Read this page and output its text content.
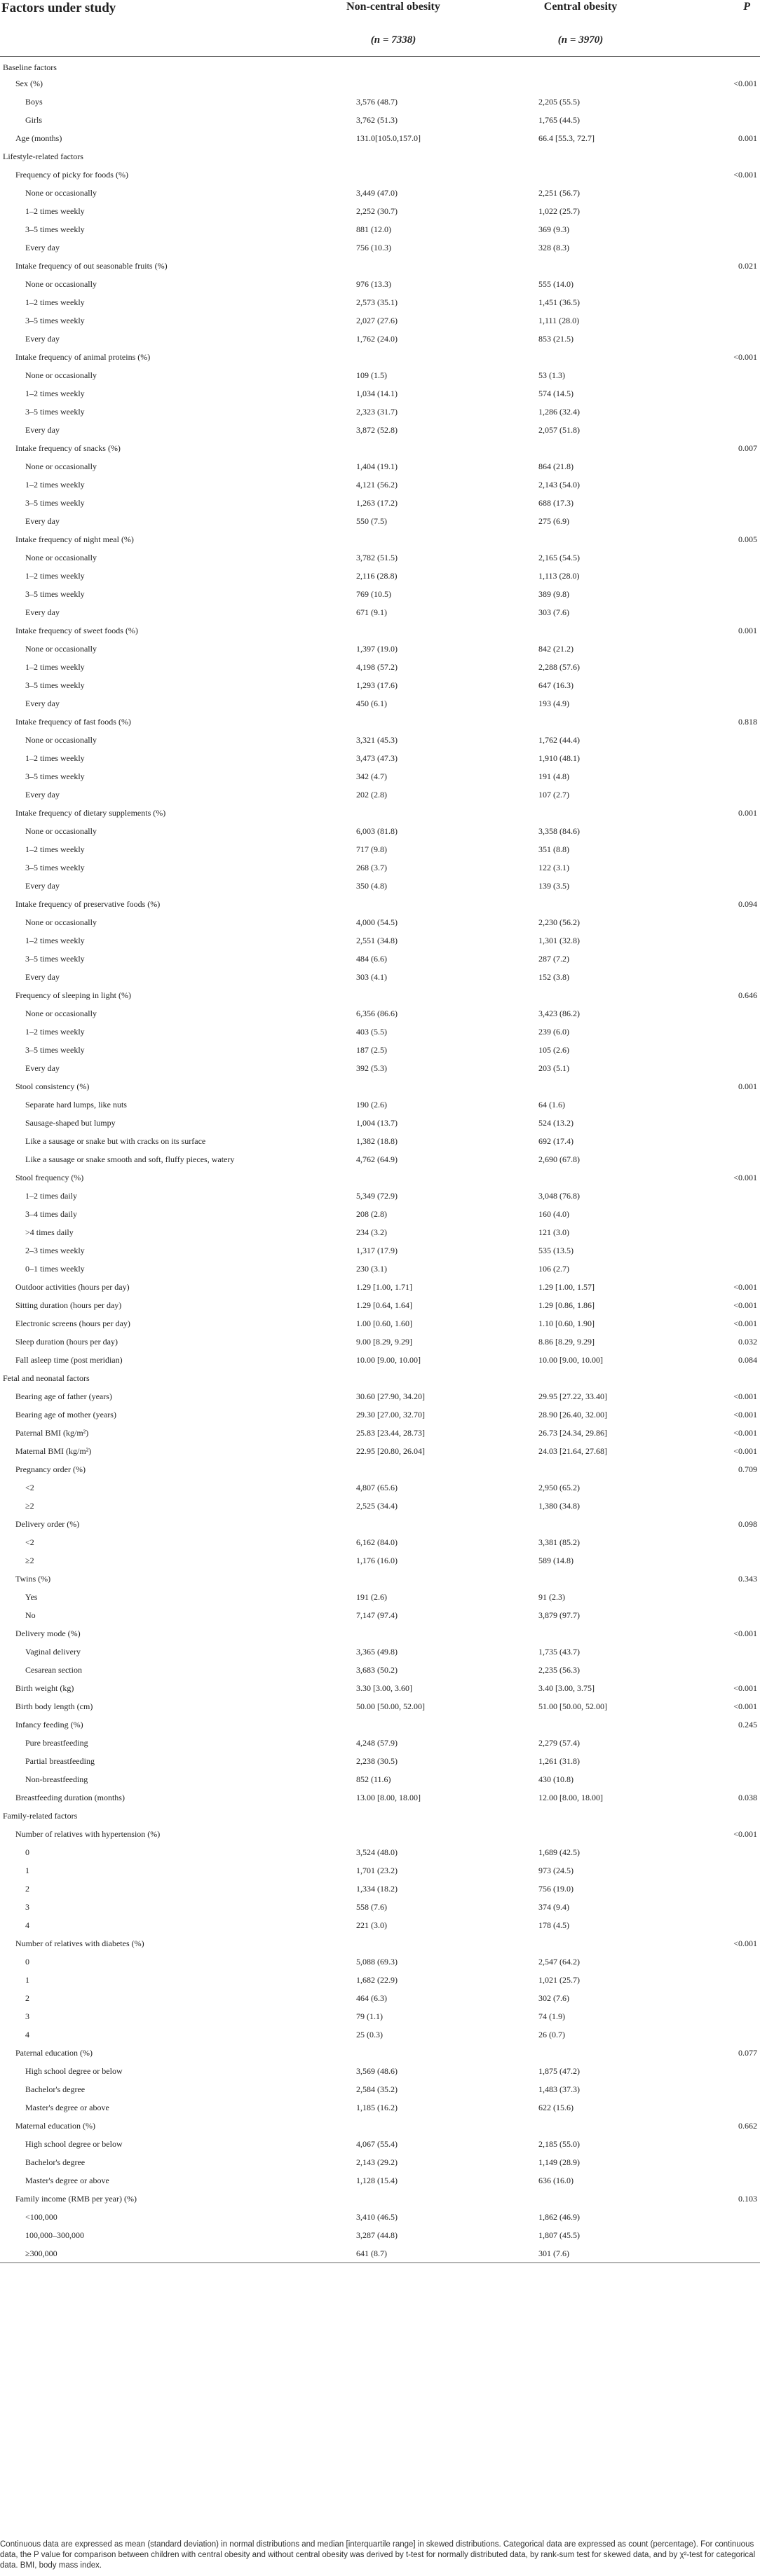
Factors under study	Non-central obesity	Central obesity	P
	(n = 7338)	(n = 3970)	
Baseline factors			
Sex (%)			<0.001
Boys	3,576 (48.7)	2,205 (55.5)	
Girls	3,762 (51.3)	1,765 (44.5)	
Age (months)	131.0[105.0,157.0]	66.4 [55.3, 72.7]	0.001
Lifestyle-related factors			
Frequency of picky for foods (%)			<0.001
None or occasionally	3,449 (47.0)	2,251 (56.7)	
1–2 times weekly	2,252 (30.7)	1,022 (25.7)	
3–5 times weekly	881 (12.0)	369 (9.3)	
Every day	756 (10.3)	328 (8.3)	
Intake frequency of out seasonable fruits (%)			0.021
None or occasionally	976 (13.3)	555 (14.0)	
1–2 times weekly	2,573 (35.1)	1,451 (36.5)	
3–5 times weekly	2,027 (27.6)	1,111 (28.0)	
Every day	1,762 (24.0)	853 (21.5)	
Intake frequency of animal proteins (%)			<0.001
None or occasionally	109 (1.5)	53 (1.3)	
1–2 times weekly	1,034 (14.1)	574 (14.5)	
3–5 times weekly	2,323 (31.7)	1,286 (32.4)	
Every day	3,872 (52.8)	2,057 (51.8)	
Intake frequency of snacks (%)			0.007
None or occasionally	1,404 (19.1)	864 (21.8)	
1–2 times weekly	4,121 (56.2)	2,143 (54.0)	
3–5 times weekly	1,263 (17.2)	688 (17.3)	
Every day	550 (7.5)	275 (6.9)	
Intake frequency of night meal (%)			0.005
None or occasionally	3,782 (51.5)	2,165 (54.5)	
1–2 times weekly	2,116 (28.8)	1,113 (28.0)	
3–5 times weekly	769 (10.5)	389 (9.8)	
Every day	671 (9.1)	303 (7.6)	
Intake frequency of sweet foods (%)			0.001
None or occasionally	1,397 (19.0)	842 (21.2)	
1–2 times weekly	4,198 (57.2)	2,288 (57.6)	
3–5 times weekly	1,293 (17.6)	647 (16.3)	
Every day	450 (6.1)	193 (4.9)	
Intake frequency of fast foods (%)			0.818
None or occasionally	3,321 (45.3)	1,762 (44.4)	
1–2 times weekly	3,473 (47.3)	1,910 (48.1)	
3–5 times weekly	342 (4.7)	191 (4.8)	
Every day	202 (2.8)	107 (2.7)	
Intake frequency of dietary supplements (%)			0.001
None or occasionally	6,003 (81.8)	3,358 (84.6)	
1–2 times weekly	717 (9.8)	351 (8.8)	
3–5 times weekly	268 (3.7)	122 (3.1)	
Every day	350 (4.8)	139 (3.5)	
Intake frequency of preservative foods (%)			0.094
None or occasionally	4,000 (54.5)	2,230 (56.2)	
1–2 times weekly	2,551 (34.8)	1,301 (32.8)	
3–5 times weekly	484 (6.6)	287 (7.2)	
Every day	303 (4.1)	152 (3.8)	
Frequency of sleeping in light (%)			0.646
None or occasionally	6,356 (86.6)	3,423 (86.2)	
1–2 times weekly	403 (5.5)	239 (6.0)	
3–5 times weekly	187 (2.5)	105 (2.6)	
Every day	392 (5.3)	203 (5.1)	
Stool consistency (%)			0.001
Separate hard lumps, like nuts	190 (2.6)	64 (1.6)	
Sausage-shaped but lumpy	1,004 (13.7)	524 (13.2)	
Like a sausage or snake but with cracks on its surface	1,382 (18.8)	692 (17.4)	
Like a sausage or snake smooth and soft, fluffy pieces, watery	4,762 (64.9)	2,690 (67.8)	
Stool frequency (%)			<0.001
1–2 times daily	5,349 (72.9)	3,048 (76.8)	
3–4 times daily	208 (2.8)	160 (4.0)	
>4 times daily	234 (3.2)	121 (3.0)	
2–3 times weekly	1,317 (17.9)	535 (13.5)	
0–1 times weekly	230 (3.1)	106 (2.7)	
Outdoor activities (hours per day)	1.29 [1.00, 1.71]	1.29 [1.00, 1.57]	<0.001
Sitting duration (hours per day)	1.29 [0.64, 1.64]	1.29 [0.86, 1.86]	<0.001
Electronic screens (hours per day)	1.00 [0.60, 1.60]	1.10 [0.60, 1.90]	<0.001
Sleep duration (hours per day)	9.00 [8.29, 9.29]	8.86 [8.29, 9.29]	0.032
Fall asleep time (post meridian)	10.00 [9.00, 10.00]	10.00 [9.00, 10.00]	0.084
Fetal and neonatal factors			
Bearing age of father (years)	30.60 [27.90, 34.20]	29.95 [27.22, 33.40]	<0.001
Bearing age of mother (years)	29.30 [27.00, 32.70]	28.90 [26.40, 32.00]	<0.001
Paternal BMI (kg/m²)	25.83 [23.44, 28.73]	26.73 [24.34, 29.86]	<0.001
Maternal BMI (kg/m²)	22.95 [20.80, 26.04]	24.03 [21.64, 27.68]	<0.001
Pregnancy order (%)			0.709
<2	4,807 (65.6)	2,950 (65.2)	
≥2	2,525 (34.4)	1,380 (34.8)	
Delivery order (%)			0.098
<2	6,162 (84.0)	3,381 (85.2)	
≥2	1,176 (16.0)	589 (14.8)	
Twins (%)			0.343
Yes	191 (2.6)	91 (2.3)	
No	7,147 (97.4)	3,879 (97.7)	
Delivery mode (%)			<0.001
Vaginal delivery	3,365 (49.8)	1,735 (43.7)	
Cesarean section	3,683 (50.2)	2,235 (56.3)	
Birth weight (kg)	3.30 [3.00, 3.60]	3.40 [3.00, 3.75]	<0.001
Birth body length (cm)	50.00 [50.00, 52.00]	51.00 [50.00, 52.00]	<0.001
Infancy feeding (%)			0.245
Pure breastfeeding	4,248 (57.9)	2,279 (57.4)	
Partial breastfeeding	2,238 (30.5)	1,261 (31.8)	
Non-breastfeeding	852 (11.6)	430 (10.8)	
Breastfeeding duration (months)	13.00 [8.00, 18.00]	12.00 [8.00, 18.00]	0.038
Family-related factors			
Number of relatives with hypertension (%)			<0.001
0	3,524 (48.0)	1,689 (42.5)	
1	1,701 (23.2)	973 (24.5)	
2	1,334 (18.2)	756 (19.0)	
3	558 (7.6)	374 (9.4)	
4	221 (3.0)	178 (4.5)	
Number of relatives with diabetes (%)			<0.001
0	5,088 (69.3)	2,547 (64.2)	
1	1,682 (22.9)	1,021 (25.7)	
2	464 (6.3)	302 (7.6)	
3	79 (1.1)	74 (1.9)	
4	25 (0.3)	26 (0.7)	
Paternal education (%)			0.077
High school degree or below	3,569 (48.6)	1,875 (47.2)	
Bachelor's degree	2,584 (35.2)	1,483 (37.3)	
Master's degree or above	1,185 (16.2)	622 (15.6)	
Maternal education (%)			0.662
High school degree or below	4,067 (55.4)	2,185 (55.0)	
Bachelor's degree	2,143 (29.2)	1,149 (28.9)	
Master's degree or above	1,128 (15.4)	636 (16.0)	
Family income (RMB per year) (%)			0.103
<100,000	3,410 (46.5)	1,862 (46.9)	
100,000–300,000	3,287 (44.8)	1,807 (45.5)	
≥300,000	641 (8.7)	301 (7.6)	
Continuous data are expressed as mean (standard deviation) in normal distributions and median [interquartile range] in skewed distributions. Categorical data are expressed as count (percentage). For continuous data, the P value for comparison between children with central obesity and without central obesity was derived by t-test for normally distributed data, by rank-sum test for skewed data, and by χ²-test for categorical data. BMI, body mass index.
